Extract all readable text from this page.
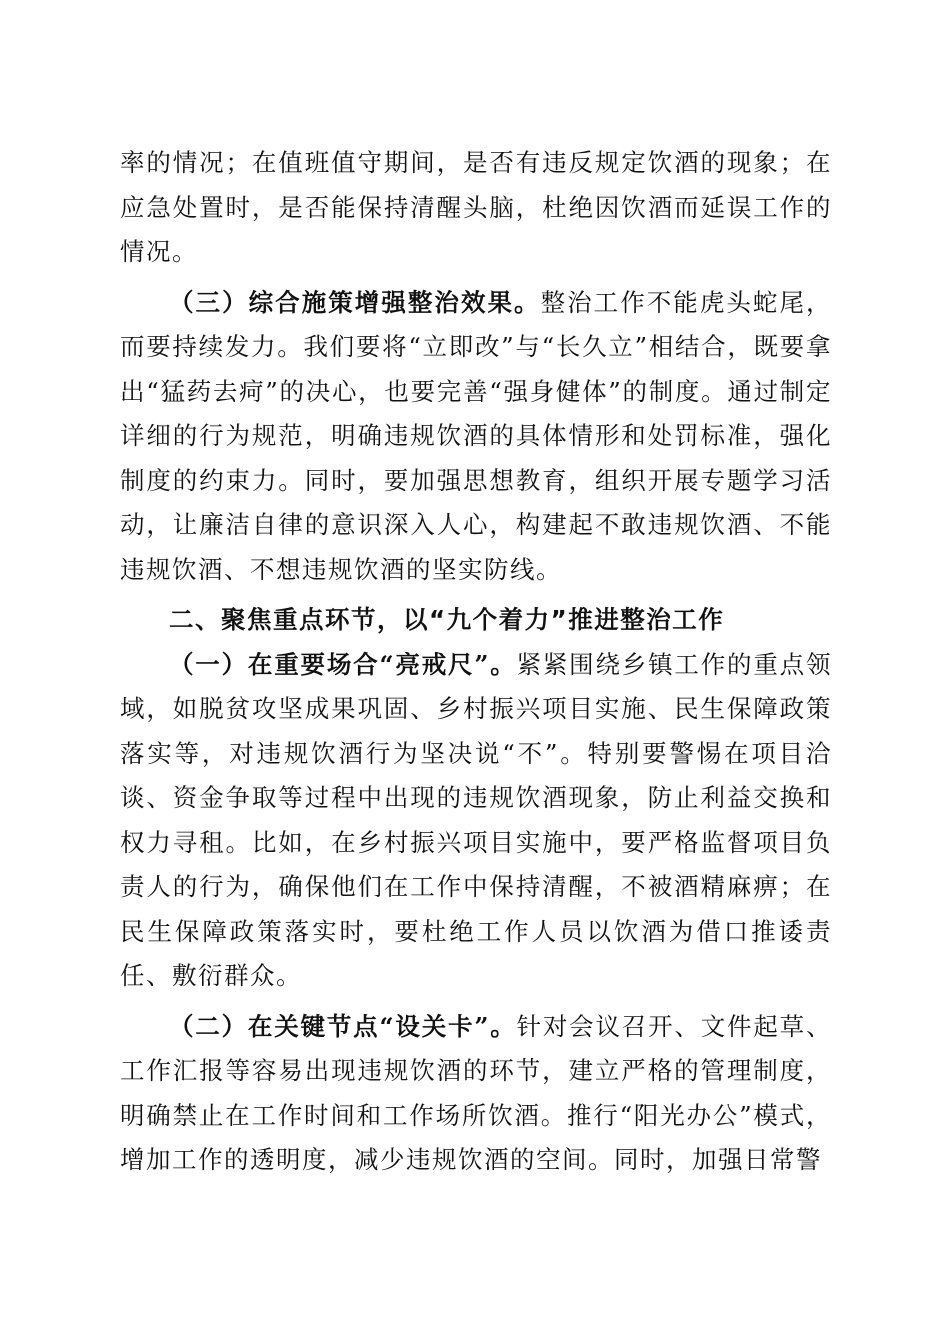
率的情况；在值班值守期间，是否有违反规定饮酒的现象；在应急处置时，是否能保持清醒头脑，杜绝因饮酒而延误工作的情况。

（三）综合施策增强整治效果。整治工作不能虎头蛇尾，而要持续发力。我们要将“立即改”与“长久立”相结合，既要拿出“猛药去疴”的决心，也要完善“强身健体”的制度。通过制定详细的行为规范，明确违规饮酒的具体情形和处罚标准，强化制度的约束力。同时，要加强思想教育，组织开展专题学习活动，让廉洁自律的意识深入人心，构建起不敢违规饮酒、不能违规饮酒、不想违规饮酒的坚实防线。

二、聚焦重点环节，以“九个着力”推进整治工作

（一）在重要场合“亮戒尺”。紧紧围绕乡镇工作的重点领域，如脱贫攻坚成果巩固、乡村振兴项目实施、民生保障政策落实等，对违规饮酒行为坚决说“不”。特别要警惕在项目洽谈、资金争取等过程中出现的违规饮酒现象，防止利益交换和权力寻租。比如，在乡村振兴项目实施中，要严格监督项目负责人的行为，确保他们在工作中保持清醒，不被酒精麻痹；在民生保障政策落实时，要杜绝工作人员以饮酒为借口推诿责任、敷衍群众。

（二）在关键节点“设关卡”。针对会议召开、文件起草、工作汇报等容易出现违规饮酒的环节，建立严格的管理制度，明确禁止在工作时间和工作场所饮酒。推行“阳光办公”模式，增加工作的透明度，减少违规饮酒的空间。同时，加强日常警
